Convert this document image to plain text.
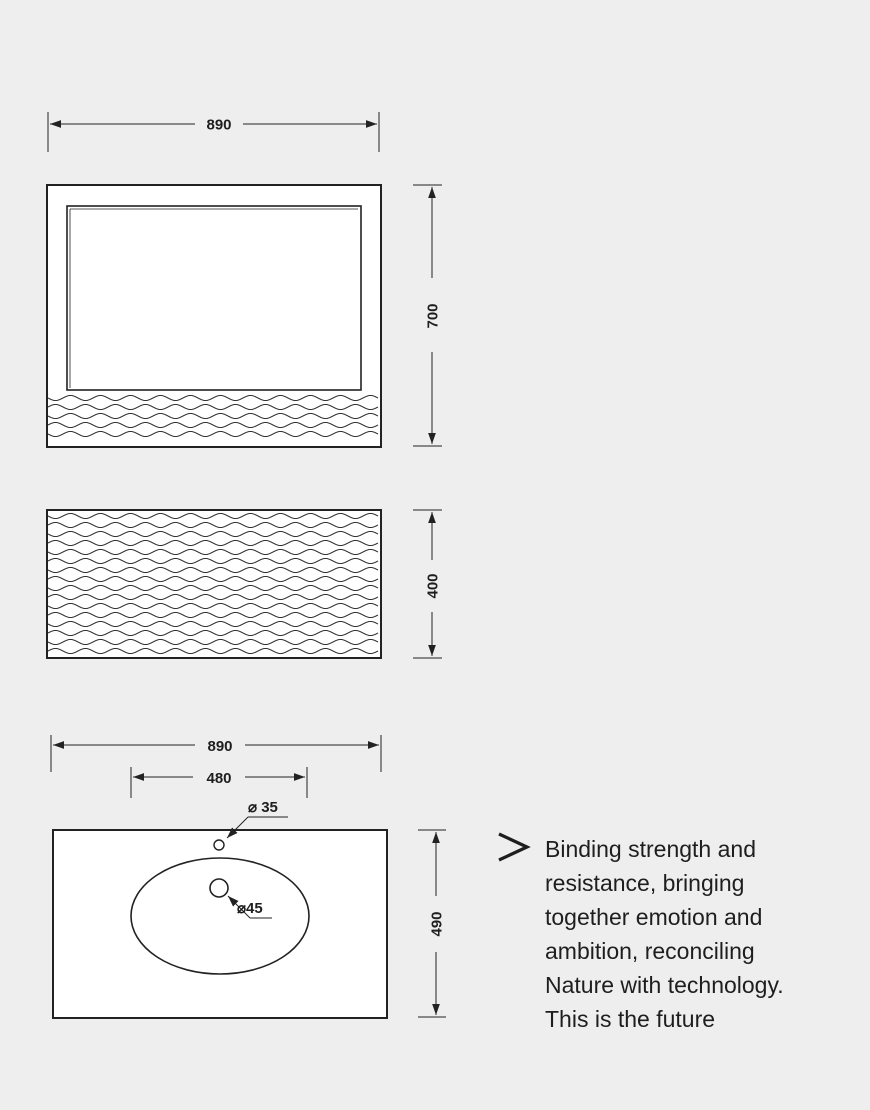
890
700
400
890
480
⌀ 35
⌀45
490

Binding strength and
resistance, bringing
together emotion and
ambition, reconciling
Nature with technology.
This is the future
